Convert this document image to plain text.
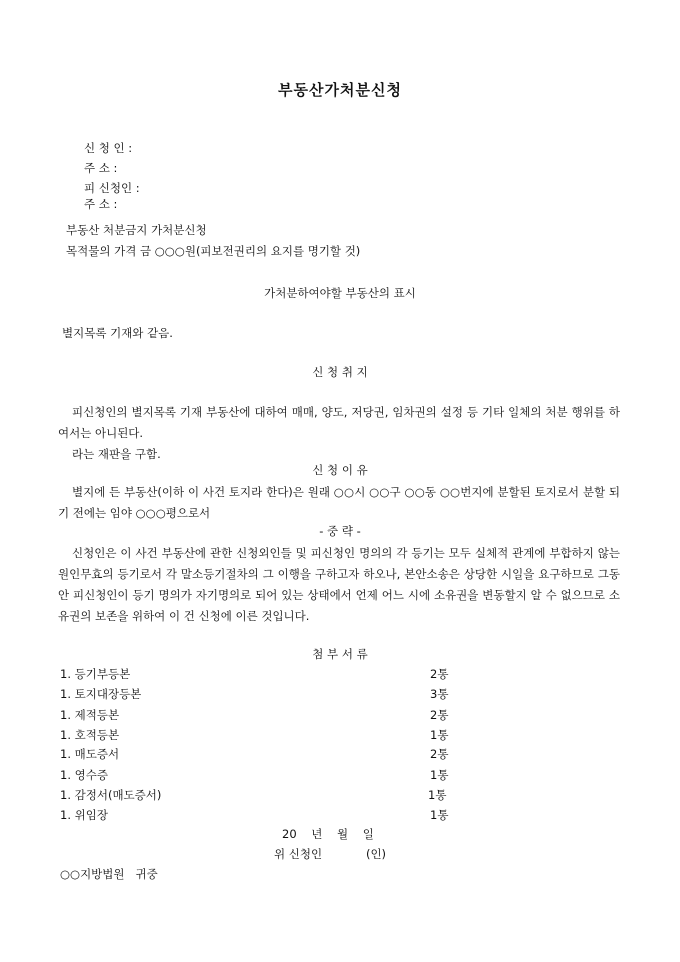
부동산가처분신청
신 청 인 :
주 소 :
피 신청인 :
주 소 :
부동산 처분금지 가처분신청
목적물의 가격 금 ○○○원(피보전권리의 요지를 명기할 것)
가처분하여야할 부동산의 표시
별지목록 기재와 같음.
신 청 취 지

피신청인의 별지목록 기재 부동산에 대하여 매매, 양도, 저당권, 임차권의 설정 등 기타 일체의 처분 행위를 하여서는 아니된다.

라는 재판을 구함.

신 청 이 유

별지에 든 부동산(이하 이 사건 토지라 한다)은 원래 ○○시 ○○구 ○○동 ○○번지에 분할된 토지로서 분할 되기 전에는 임야 ○○○평으로서

- 중 략 -

신청인은 이 사건 부동산에 관한 신청외인들 및 피신청인 명의의 각 등기는 모두 실체적 관계에 부합하지 않는 원인무효의 등기로서 각 말소등기절차의 그 이행을 구하고자 하오나, 본안소송은 상당한 시일을 요구하므로 그동안 피신청인이 등기 명의가 자기명의로 되어 있는 상태에서 언제 어느 시에 소유권을 변동할지 알 수 없으므로 소유권의 보존을 위하여 이 건 신청에 이른 것입니다.

첨 부 서 류
1. 등기부등본	2통
1. 토지대장등본	3통
1. 제적등본	2통
1. 호적등본	1통
1. 매도증서	2통
1. 영수증	1통
1. 감정서(매도증서)	1통
1. 위임장	1통
20    년    월    일
위 신청인            (인)
○○지방법원   귀중
